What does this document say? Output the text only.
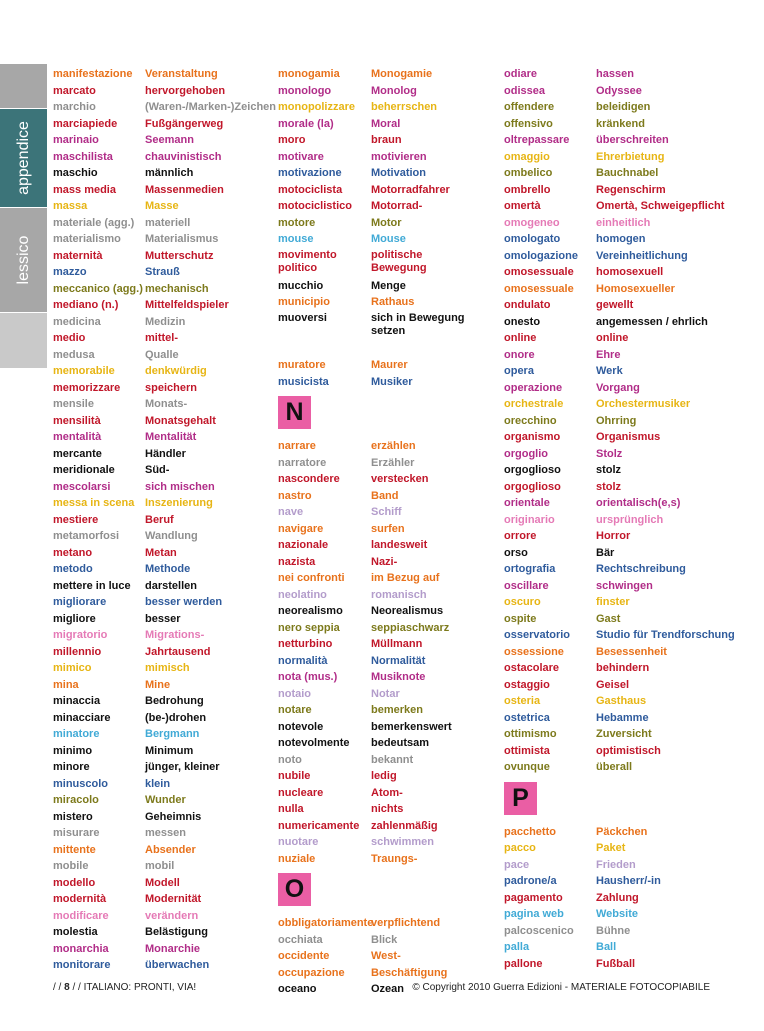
appendice
lessico
manifestazione
marcato
marchio
marciapiede
marinaio
maschilista
maschio
mass media
massa
materiale (agg.)
materialismo
maternità
mazzo
meccanico (agg.)
mediano (n.)
medicina
medio
medusa
memorabile
memorizzare
mensile
mensilità
mentalità
mercante
meridionale
mescolarsi
messa in scena
mestiere
metamorfosi
metano
metodo
mettere in luce
migliorare
migliore
migratorio
millennio
mimico
mina
minaccia
minacciare
minatore
minimo
minore
minuscolo
miracolo
mistero
misurare
mittente
mobile
modello
modernità
modificare
molestia
monarchia
monitorare
Veranstaltung
hervorgehoben
(Waren-/Marken-)Zeichen
Fußgängerweg
Seemann
chauvinistisch
männlich
Massenmedien
Masse
materiell
Materialismus
Mutterschutz
Strauß
mechanisch
Mittelfeldspieler
Medizin
mittel-
Qualle
denkwürdig
speichern
Monats-
Monatsgehalt
Mentalität
Händler
Süd-
sich mischen
Inszenierung
Beruf
Wandlung
Metan
Methode
darstellen
besser werden
besser
Migrations-
Jahrtausend
mimisch
Mine
Bedrohung
(be-)drohen
Bergmann
Minimum
jünger, kleiner
klein
Wunder
Geheimnis
messen
Absender
mobil
Modell
Modernität
verändern
Belästigung
Monarchie
überwachen
monogamia
monologo
monopolizzare
morale (la)
moro
motivare
motivazione
motociclista
motociclistico
motore
mouse
movimento politico
mucchio
municipio
muoversi
muratore
musicista
N
narrare
narratore
nascondere
nastro
nave
navigare
nazionale
nazista
nei confronti
neolatino
neorealismo
nero seppia
netturbino
normalità
nota (mus.)
notaio
notare
notevole
notevolmente
noto
nubile
nucleare
nulla
numericamente
nuotare
nuziale
O
obbligatoriamente
occhiata
occidente
occupazione
oceano
Monogamie
Monolog
beherrschen
Moral
braun
motivieren
Motivation
Motorradfahrer
Motorrad-
Motor
Mouse
politische Bewegung
Menge
Rathaus
sich in Bewegung setzen
Maurer
Musiker
erzählen
Erzähler
verstecken
Band
Schiff
surfen
landesweit
Nazi-
im Bezug auf
romanisch
Neorealismus
seppiaschwarz
Müllmann
Normalität
Musiknote
Notar
bemerken
bemerkenswert
bedeutsam
bekannt
ledig
Atom-
nichts
zahlenmäßig
schwimmen
Traungs-
verpflichtend
Blick
West-
Beschäftigung
Ozean
odiare
odissea
offendere
offensivo
oltrepassare
omaggio
ombelico
ombrello
omertà
omogeneo
omologato
omologazione
omosessuale
omosessuale
ondulato
onesto
online
onore
opera
operazione
orchestrale
orecchino
organismo
orgoglio
orgoglioso
orgoglioso
orientale
originario
orrore
orso
ortografia
oscillare
oscuro
ospite
osservatorio
ossessione
ostacolare
ostaggio
osteria
ostetrica
ottimismo
ottimista
ovunque
P
pacchetto
pacco
pace
padrone/a
pagamento
pagina web
palcoscenico
palla
pallone
hassen
Odyssee
beleidigen
kränkend
überschreiten
Ehrerbietung
Bauchnabel
Regenschirm
Omertà, Schweigepflicht
einheitlich
homogen
Vereinheitlichung
homosexuell
Homosexueller
gewellt
angemessen / ehrlich
online
Ehre
Werk
Vorgang
Orchestermusiker
Ohrring
Organismus
Stolz
stolz
stolz
orientalisch(e,s)
ursprünglich
Horror
Bär
Rechtschreibung
schwingen
finster
Gast
Studio für Trendforschung
Besessenheit
behindern
Geisel
Gasthaus
Hebamme
Zuversicht
optimistisch
überall
Päckchen
Paket
Frieden
Hausherr/-in
Zahlung
Website
Bühne
Ball
Fußball
/ / 8 / / ITALIANO: PRONTI, VIA!	© Copyright 2010 Guerra Edizioni - MATERIALE FOTOCOPIABILE
